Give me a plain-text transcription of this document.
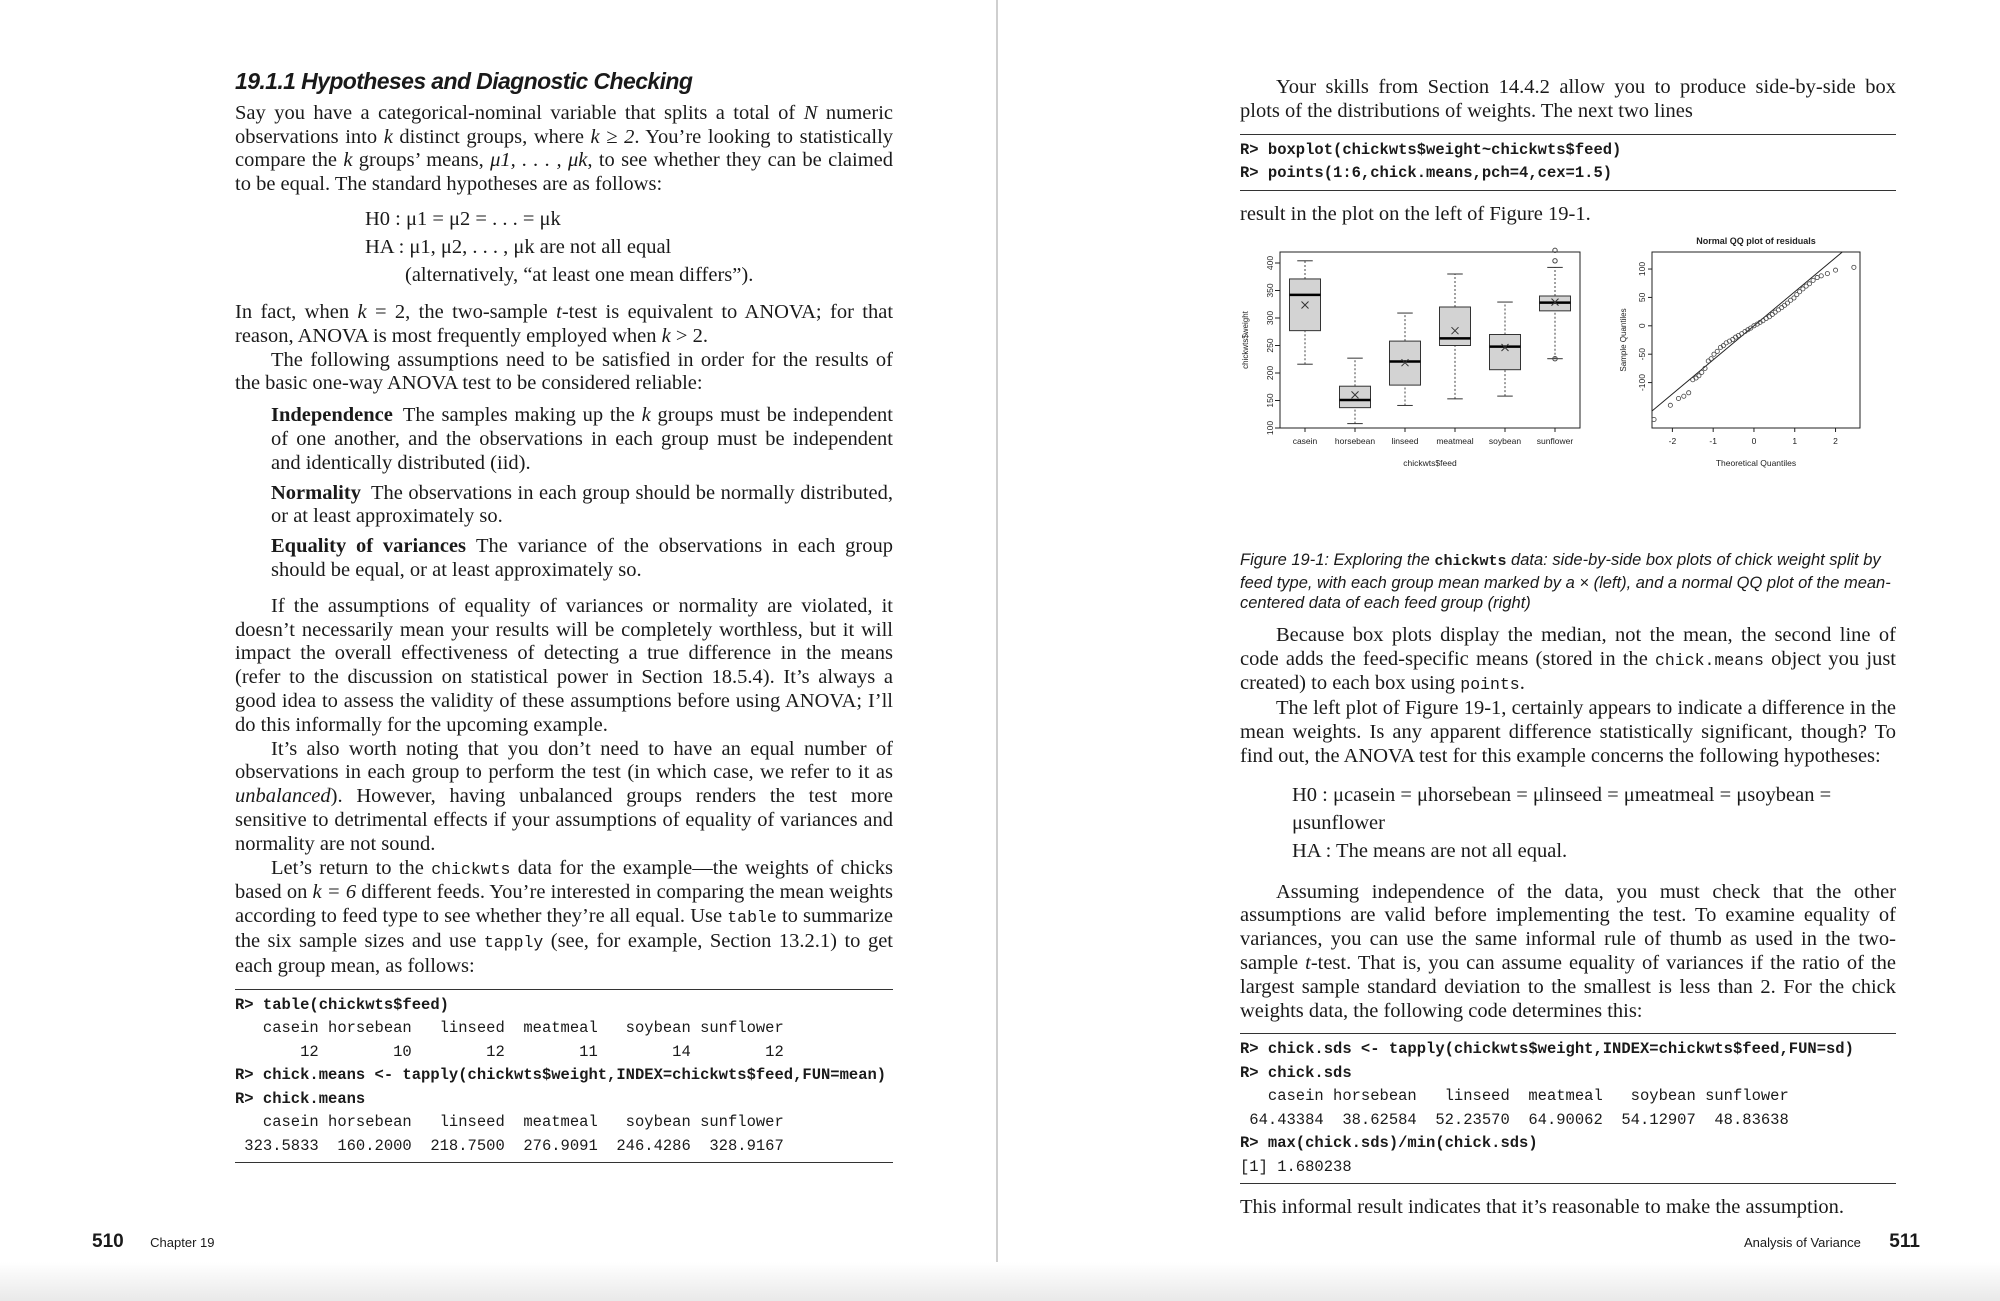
19.1.1 Hypotheses and Diagnostic Checking

Say you have a categorical-nominal variable that splits a total of N numeric observations into k distinct groups, where k ≥ 2. You’re looking to statistically compare the k groups’ means, μ1, . . . , μk, to see whether they can be claimed to be equal. The standard hypotheses are as follows:

H0 : μ1 = μ2 = . . . = μk
HA : μ1, μ2, . . . , μk are not all equal
(alternatively, “at least one mean differs”).

In fact, when k = 2, the two-sample t-test is equivalent to ANOVA; for that reason, ANOVA is most frequently employed when k > 2.

The following assumptions need to be satisfied in order for the results of the basic one-way ANOVA test to be considered reliable:

Independence The samples making up the k groups must be independent of one another, and the observations in each group must be independent and identically distributed (iid).
Normality The observations in each group should be normally distributed, or at least approximately so.
Equality of variances The variance of the observations in each group should be equal, or at least approximately so.

If the assumptions of equality of variances or normality are violated, it doesn’t necessarily mean your results will be completely worthless, but it will impact the overall effectiveness of detecting a true difference in the means (refer to the discussion on statistical power in Section 18.5.4). It’s always a good idea to assess the validity of these assumptions before using ANOVA; I’ll do this informally for the upcoming example.

It’s also worth noting that you don’t need to have an equal number of observations in each group to perform the test (in which case, we refer to it as unbalanced). However, having unbalanced groups renders the test more sensitive to detrimental effects if your assumptions of equality of variances and normality are not sound.

Let’s return to the chickwts data for the example—the weights of chicks based on k = 6 different feeds. You’re interested in comparing the mean weights according to feed type to see whether they’re all equal. Use table to summarize the six sample sizes and use tapply (see, for example, Section 13.2.1) to get each group mean, as follows:

R> table(chickwts$feed)
casein horsebean   linseed  meatmeal   soybean sunflower
12        10        12        11        14        12
R> chick.means <- tapply(chickwts$weight,INDEX=chickwts$feed,FUN=mean)
R> chick.means
casein horsebean   linseed  meatmeal   soybean sunflower
323.5833  160.2000  218.7500  276.9091  246.4286  328.9167
510 Chapter 19

Your skills from Section 14.4.2 allow you to produce side-by-side box plots of the distributions of weights. The next two lines

R> boxplot(chickwts$weight~chickwts$feed)
R> points(1:6,chick.means,pch=4,cex=1.5)

result in the plot on the left of Figure 19-1.

100
150
200
250
300
350
400
chickwts$weight
casein horsebean linseed meatmeal soybean sunflower
chickwts$feed
Normal QQ plot of residuals
-2	-1	0	1	2
-100
-50
0
50
100
Sample Quantiles
Theoretical Quantiles
Figure 19-1: Exploring the chickwts data: side-by-side box plots of chick weight split by feed type, with each group mean marked by a × (left), and a normal QQ plot of the mean-centered data of each feed group (right)

Because box plots display the median, not the mean, the second line of code adds the feed-specific means (stored in the chick.means object you just created) to each box using points.

The left plot of Figure 19-1, certainly appears to indicate a difference in the mean weights. Is any apparent difference statistically significant, though? To find out, the ANOVA test for this example concerns the following hypotheses:

H0 : μcasein = μhorsebean = μlinseed = μmeatmeal = μsoybean = μsunflower
HA : The means are not all equal.

Assuming independence of the data, you must check that the other assumptions are valid before implementing the test. To examine equality of variances, you can use the same informal rule of thumb as used in the two-sample t-test. That is, you can assume equality of variances if the ratio of the largest sample standard deviation to the smallest is less than 2. For the chick weights data, the following code determines this:

R> chick.sds <- tapply(chickwts$weight,INDEX=chickwts$feed,FUN=sd)
R> chick.sds
casein horsebean   linseed  meatmeal   soybean sunflower
64.43384  38.62584  52.23570  64.90062  54.12907  48.83638
R> max(chick.sds)/min(chick.sds)
[1] 1.680238

This informal result indicates that it’s reasonable to make the assumption.

Analysis of Variance 511
